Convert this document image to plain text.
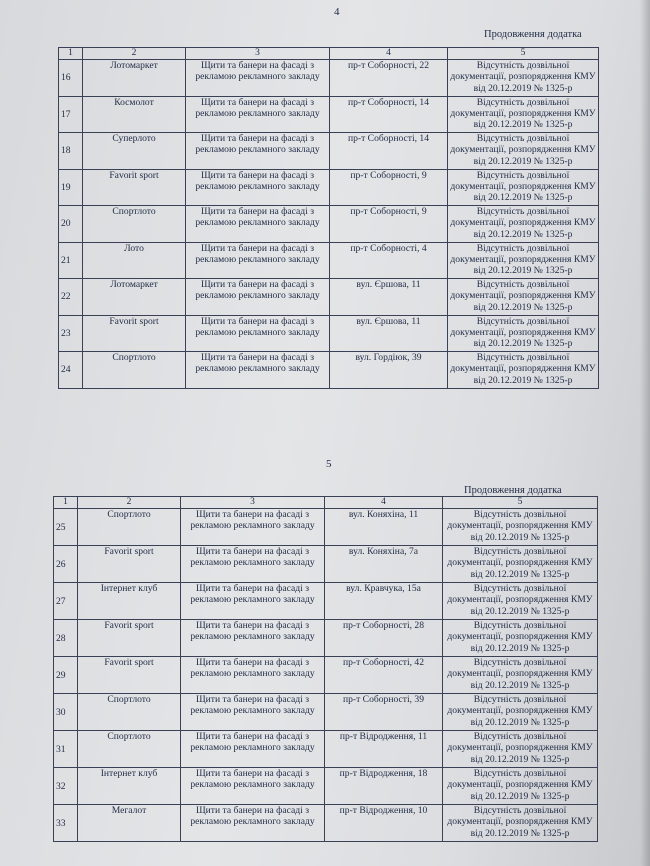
4
Продовження додатка
1	2	3	4	5
16	Лотомаркет	Щити та банери на фасаді з рекламою рекламного закладу	пр-т Соборності, 22	Відсутність дозвільної документації, розпорядження КМУ від 20.12.2019 № 1325-р
17	Космолот	Щити та банери на фасаді з рекламою рекламного закладу	пр-т Соборності, 14	Відсутність дозвільної документації, розпорядження КМУ від 20.12.2019 № 1325-р
18	Суперлото	Щити та банери на фасаді з рекламою рекламного закладу	пр-т Соборності, 14	Відсутність дозвільної документації, розпорядження КМУ від 20.12.2019 № 1325-р
19	Favorit sport	Щити та банери на фасаді з рекламою рекламного закладу	пр-т Соборності, 9	Відсутність дозвільної документації, розпорядження КМУ від 20.12.2019 № 1325-р
20	Спортлото	Щити та банери на фасаді з рекламою рекламного закладу	пр-т Соборності, 9	Відсутність дозвільної документації, розпорядження КМУ від 20.12.2019 № 1325-р
21	Лото	Щити та банери на фасаді з рекламою рекламного закладу	пр-т Соборності, 4	Відсутність дозвільної документації, розпорядження КМУ від 20.12.2019 № 1325-р
22	Лотомаркет	Щити та банери на фасаді з рекламою рекламного закладу	вул. Єршова, 11	Відсутність дозвільної документації, розпорядження КМУ від 20.12.2019 № 1325-р
23	Favorit sport	Щити та банери на фасаді з рекламою рекламного закладу	вул. Єршова, 11	Відсутність дозвільної документації, розпорядження КМУ від 20.12.2019 № 1325-р
24	Спортлото	Щити та банери на фасаді з рекламою рекламного закладу	вул. Гордіюк, 39	Відсутність дозвільної документації, розпорядження КМУ від 20.12.2019 № 1325-р
5
Продовження додатка
1	2	3	4	5
25	Спортлото	Щити та банери на фасаді з рекламою рекламного закладу	вул. Коняхіна, 11	Відсутність дозвільної документації, розпорядження КМУ від 20.12.2019 № 1325-р
26	Favorit sport	Щити та банери на фасаді з рекламою рекламного закладу	вул. Коняхіна, 7а	Відсутність дозвільної документації, розпорядження КМУ від 20.12.2019 № 1325-р
27	Інтернет клуб	Щити та банери на фасаді з рекламою рекламного закладу	вул. Кравчука, 15а	Відсутність дозвільної документації, розпорядження КМУ від 20.12.2019 № 1325-р
28	Favorit sport	Щити та банери на фасаді з рекламою рекламного закладу	пр-т Соборності, 28	Відсутність дозвільної документації, розпорядження КМУ від 20.12.2019 № 1325-р
29	Favorit sport	Щити та банери на фасаді з рекламою рекламного закладу	пр-т Соборності, 42	Відсутність дозвільної документації, розпорядження КМУ від 20.12.2019 № 1325-р
30	Спортлото	Щити та банери на фасаді з рекламою рекламного закладу	пр-т Соборності, 39	Відсутність дозвільної документації, розпорядження КМУ від 20.12.2019 № 1325-р
31	Спортлото	Щити та банери на фасаді з рекламою рекламного закладу	пр-т Відродження, 11	Відсутність дозвільної документації, розпорядження КМУ від 20.12.2019 № 1325-р
32	Інтернет клуб	Щити та банери на фасаді з рекламою рекламного закладу	пр-т Відродження, 18	Відсутність дозвільної документації, розпорядження КМУ від 20.12.2019 № 1325-р
33	Мегалот	Щити та банери на фасаді з рекламою рекламного закладу	пр-т Відродження, 10	Відсутність дозвільної документації, розпорядження КМУ від 20.12.2019 № 1325-р
